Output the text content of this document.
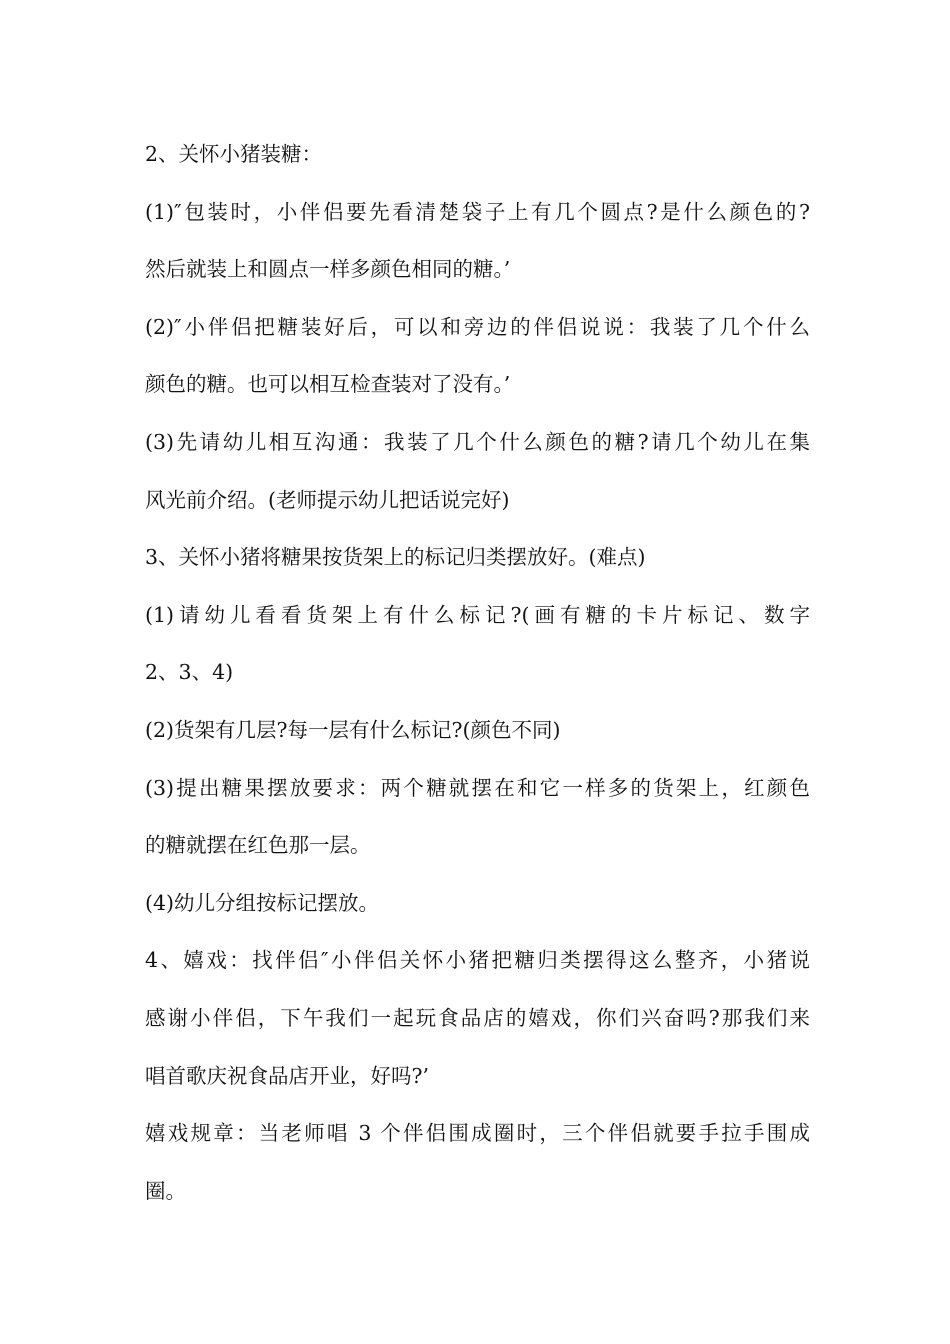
2、关怀小猪装糖：
(1)″包装时，小伴侣要先看清楚袋子上有几个圆点?是什么颜色的?
然后就装上和圆点一样多颜色相同的糖。’
(2)″小伴侣把糖装好后，可以和旁边的伴侣说说：我装了几个什么
颜色的糖。也可以相互检查装对了没有。’
(3)先请幼儿相互沟通：我装了几个什么颜色的糖?请几个幼儿在集
风光前介绍。(老师提示幼儿把话说完好)
3、关怀小猪将糖果按货架上的标记归类摆放好。(难点)
(1)请幼儿看看货架上有什么标记?(画有糖的卡片标记、数字
2、3、4)
(2)货架有几层?每一层有什么标记?(颜色不同)
(3)提出糖果摆放要求：两个糖就摆在和它一样多的货架上，红颜色
的糖就摆在红色那一层。
(4)幼儿分组按标记摆放。
4、嬉戏：找伴侣″小伴侣关怀小猪把糖归类摆得这么整齐，小猪说
感谢小伴侣，下午我们一起玩食品店的嬉戏，你们兴奋吗?那我们来
唱首歌庆祝食品店开业，好吗?’
嬉戏规章：当老师唱 3 个伴侣围成圈时，三个伴侣就要手拉手围成
圈。
